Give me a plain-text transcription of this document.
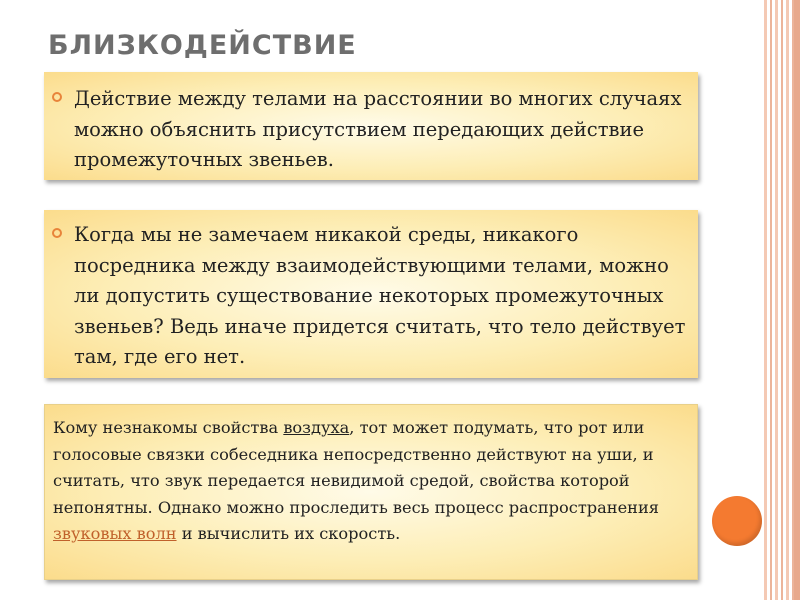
БЛИЗКОДЕЙСТВИЕ
Действие между телами на расстоянии во многих случаях можно объяснить присутствием передающих действие промежуточных звеньев.
Когда мы не замечаем никакой среды, никакого посредника между взаимодействующими телами, можно ли допустить существование некоторых промежуточных звеньев? Ведь иначе придется считать, что тело действует там, где его нет.
Кому незнакомы свойства воздуха, тот может подумать, что рот или голосовые связки собеседника непосредственно действуют на уши, и считать, что звук передается невидимой средой, свойства которой непонятны. Однако можно проследить весь процесс распространения звуковых волн и вычислить их скорость.
